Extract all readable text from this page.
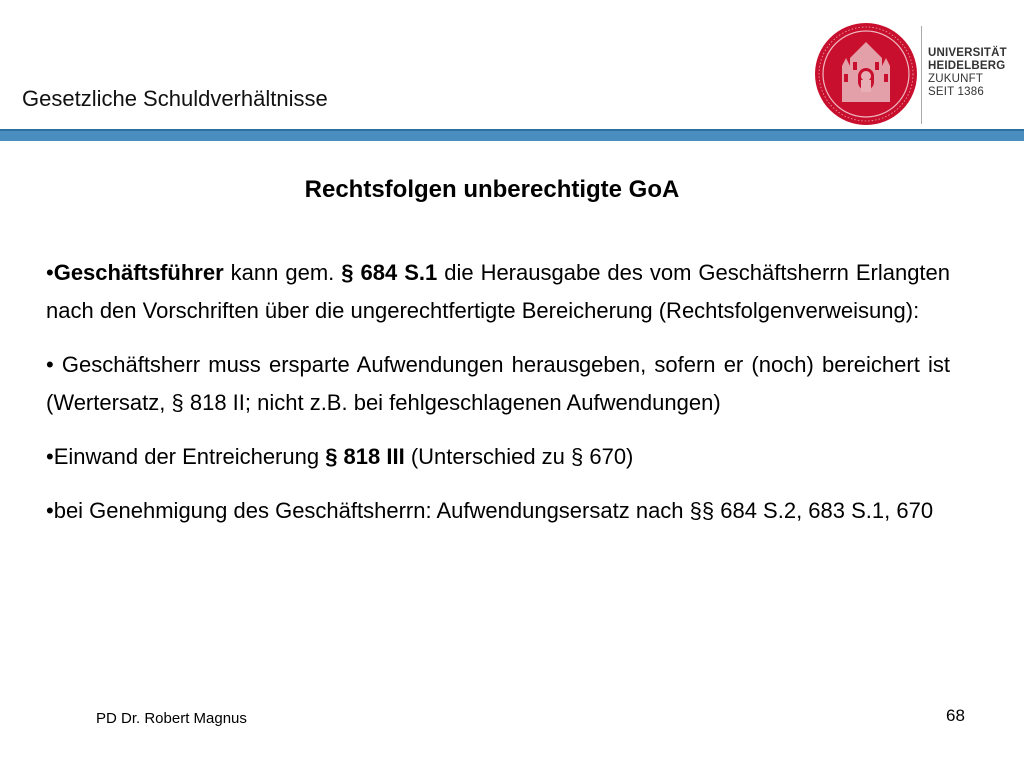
Gesetzliche Schuldverhältnisse
UNIVERSITÄT
HEIDELBERG
ZUKUNFT
SEIT 1386
Rechtsfolgen unberechtigte GoA

•Geschäftsführer kann gem. § 684 S.1 die Herausgabe des vom Geschäftsherrn Erlangten nach den Vorschriften über die ungerechtfertigte Bereicherung (Rechtsfolgenverweisung):

• Geschäftsherr muss ersparte Aufwendungen herausgeben, sofern er (noch) bereichert ist (Wertersatz, § 818 II; nicht z.B. bei fehlgeschlagenen Aufwendungen)

•Einwand der Entreicherung § 818 III (Unterschied zu § 670)

•bei Genehmigung des Geschäftsherrn: Aufwendungsersatz nach §§ 684 S.2, 683 S.1, 670

PD Dr. Robert Magnus	68
